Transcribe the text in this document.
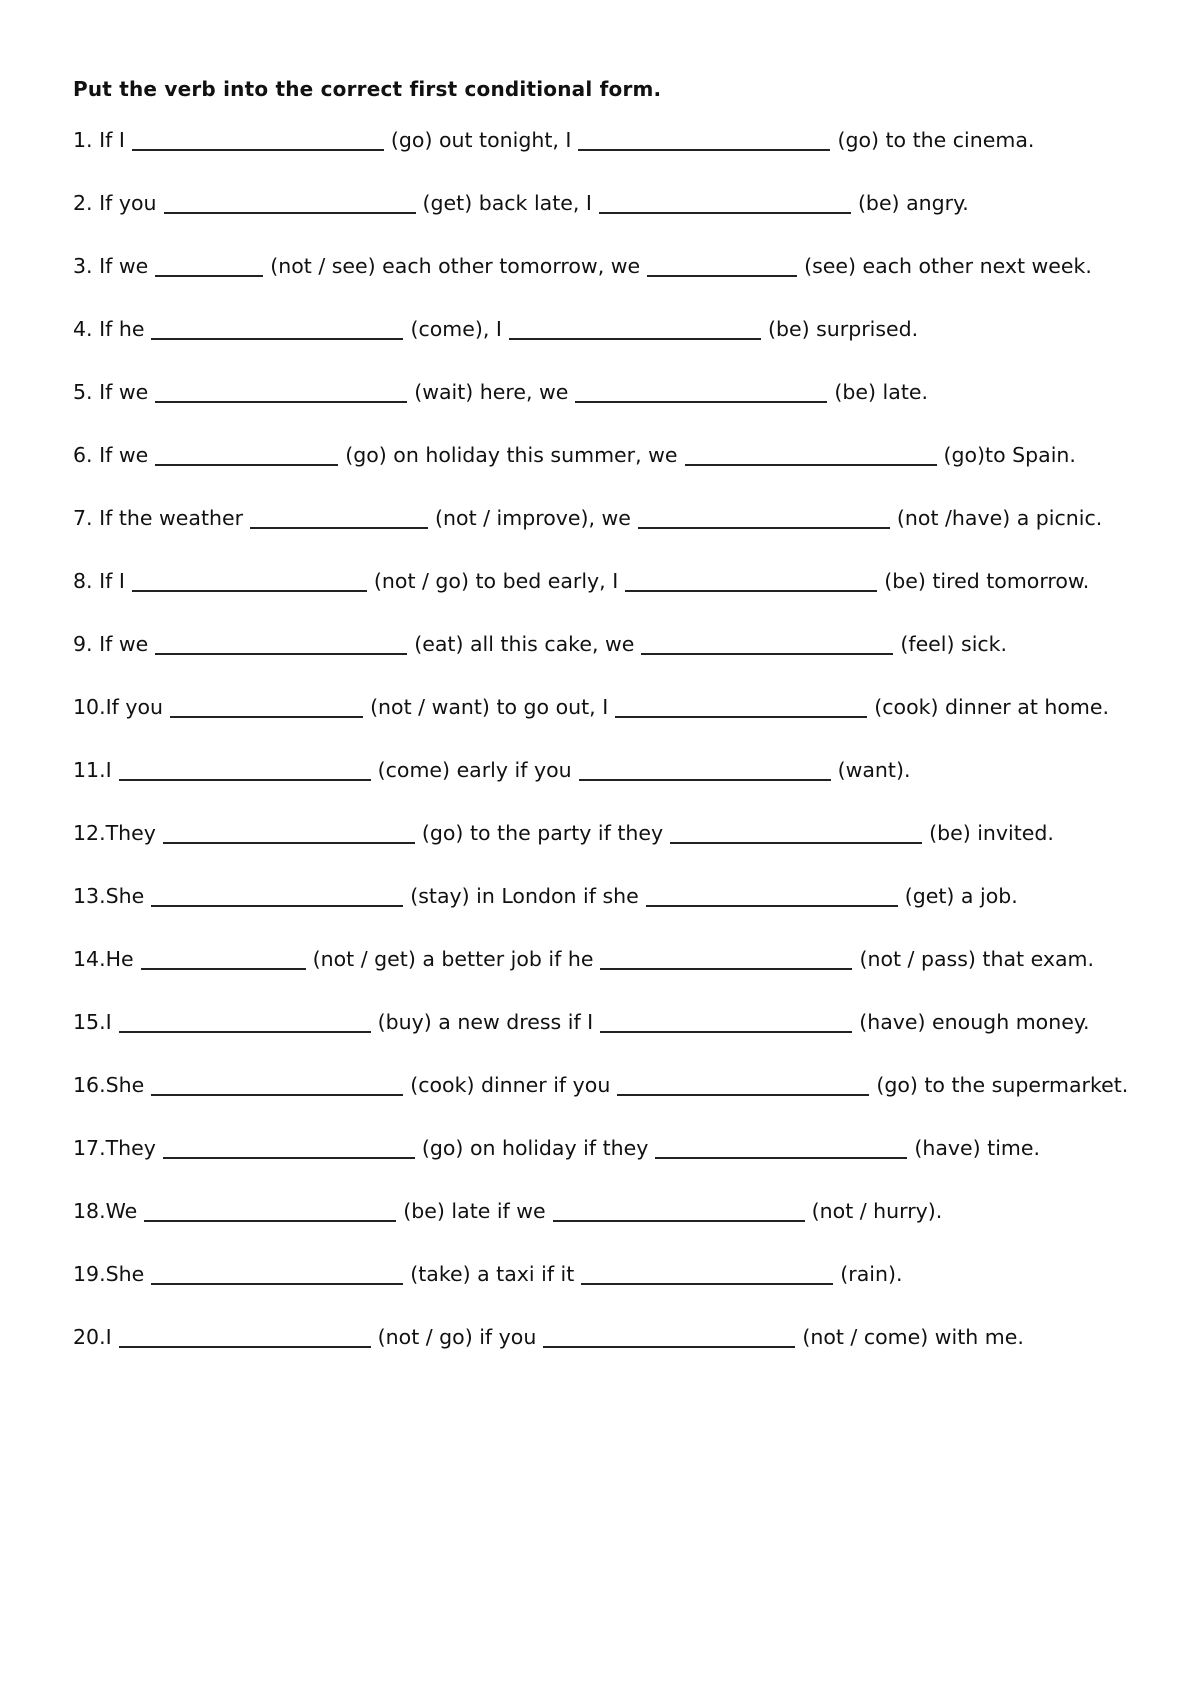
Put the verb into the correct first conditional form.
1. If I	(go) out tonight, I	(go) to the cinema.
2. If you	(get) back late, I	(be) angry.
3. If we	(not / see) each other tomorrow, we	(see) each other next week.
4. If he	(come), I	(be) surprised.
5. If we	(wait) here, we	(be) late.
6. If we	(go) on holiday this summer, we	(go)to Spain.
7. If the weather	(not / improve), we	(not /have) a picnic.
8. If I	(not / go) to bed early, I	(be) tired tomorrow.
9. If we	(eat) all this cake, we	(feel) sick.
10.If you	(not / want) to go out, I	(cook) dinner at home.
11.I	(come) early if you	(want).
12.They	(go) to the party if they	(be) invited.
13.She	(stay) in London if she	(get) a job.
14.He	(not / get) a better job if he	(not / pass) that exam.
15.I	(buy) a new dress if I	(have) enough money.
16.She	(cook) dinner if you	(go) to the supermarket.
17.They	(go) on holiday if they	(have) time.
18.We	(be) late if we	(not / hurry).
19.She	(take) a taxi if it	(rain).
20.I	(not / go) if you	(not / come) with me.
